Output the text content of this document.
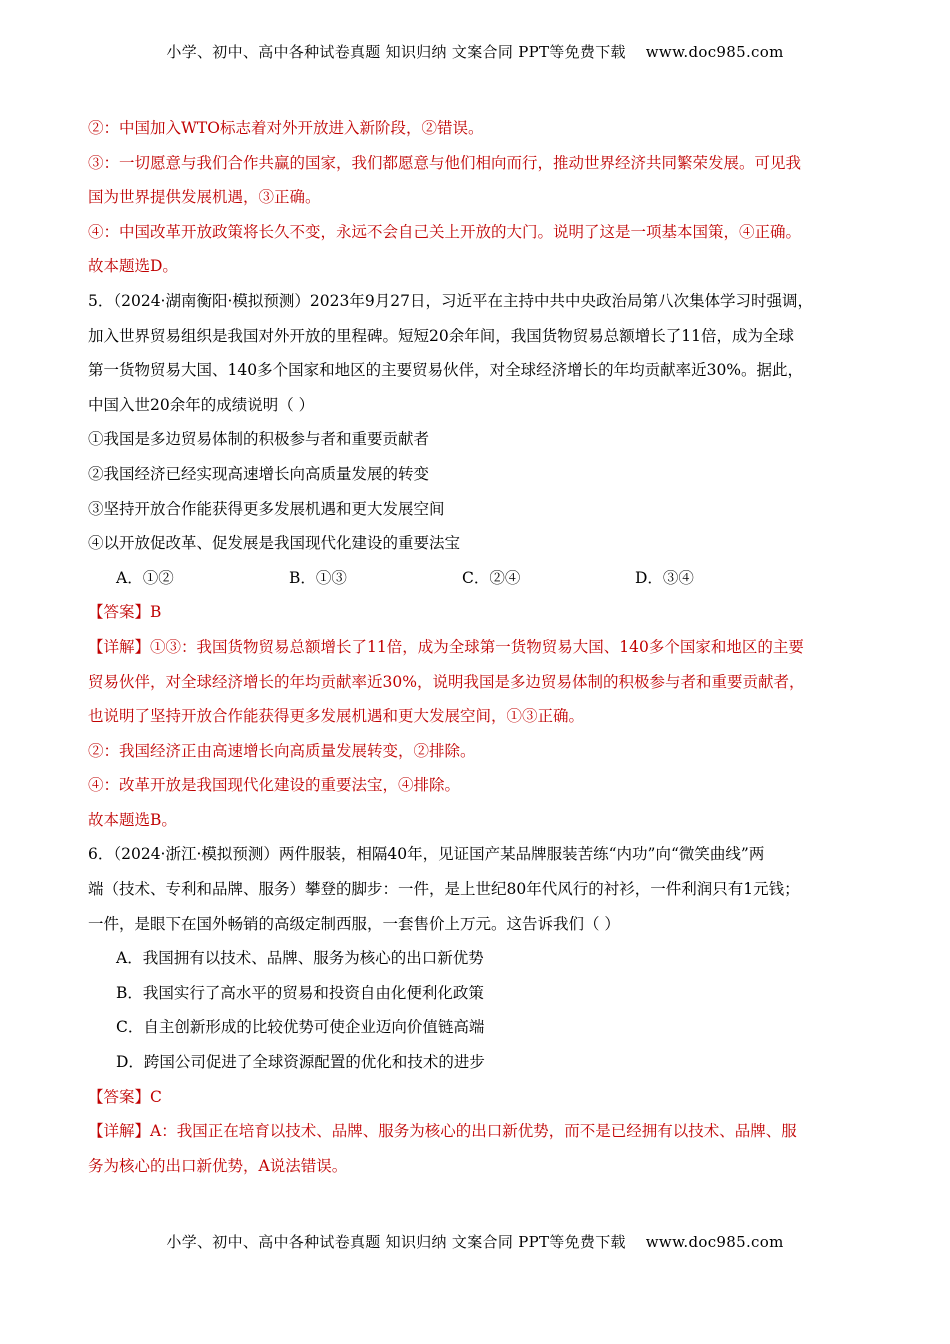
小学、初中、高中各种试卷真题 知识归纳 文案合同 PPT等免费下载 www.doc985.com
②：中国加入WTO标志着对外开放进入新阶段，②错误。
③：一切愿意与我们合作共赢的国家，我们都愿意与他们相向而行，推动世界经济共同繁荣发展。可见我
国为世界提供发展机遇，③正确。
④：中国改革开放政策将长久不变，永远不会自己关上开放的大门。说明了这是一项基本国策，④正确。
故本题选D。
5．（2024·湖南衡阳·模拟预测）2023年9月27日，习近平在主持中共中央政治局第八次集体学习时强调，
加入世界贸易组织是我国对外开放的里程碑。短短20余年间，我国货物贸易总额增长了11倍，成为全球
第一货物贸易大国、140多个国家和地区的主要贸易伙伴，对全球经济增长的年均贡献率近30%。据此，
中国入世20余年的成绩说明（ ）
①我国是多边贸易体制的积极参与者和重要贡献者
②我国经济已经实现高速增长向高质量发展的转变
③坚持开放合作能获得更多发展机遇和更大发展空间
④以开放促改革、促发展是我国现代化建设的重要法宝
A．①②	B．①③	C．②④	D．③④
【答案】B
【详解】①③：我国货物贸易总额增长了11倍，成为全球第一货物贸易大国、140多个国家和地区的主要
贸易伙伴，对全球经济增长的年均贡献率近30%，说明我国是多边贸易体制的积极参与者和重要贡献者，
也说明了坚持开放合作能获得更多发展机遇和更大发展空间，①③正确。
②：我国经济正由高速增长向高质量发展转变，②排除。
④：改革开放是我国现代化建设的重要法宝，④排除。
故本题选B。
6．（2024·浙江·模拟预测）两件服装，相隔40年，见证国产某品牌服装苦练“内功”向“微笑曲线”两
端（技术、专利和品牌、服务）攀登的脚步：一件，是上世纪80年代风行的衬衫，一件利润只有1元钱；
一件，是眼下在国外畅销的高级定制西服，一套售价上万元。这告诉我们（ ）
A．我国拥有以技术、品牌、服务为核心的出口新优势
B．我国实行了高水平的贸易和投资自由化便利化政策
C．自主创新形成的比较优势可使企业迈向价值链高端
D．跨国公司促进了全球资源配置的优化和技术的进步
【答案】C
【详解】A：我国正在培育以技术、品牌、服务为核心的出口新优势，而不是已经拥有以技术、品牌、服
务为核心的出口新优势，A说法错误。
小学、初中、高中各种试卷真题 知识归纳 文案合同 PPT等免费下载 www.doc985.com
